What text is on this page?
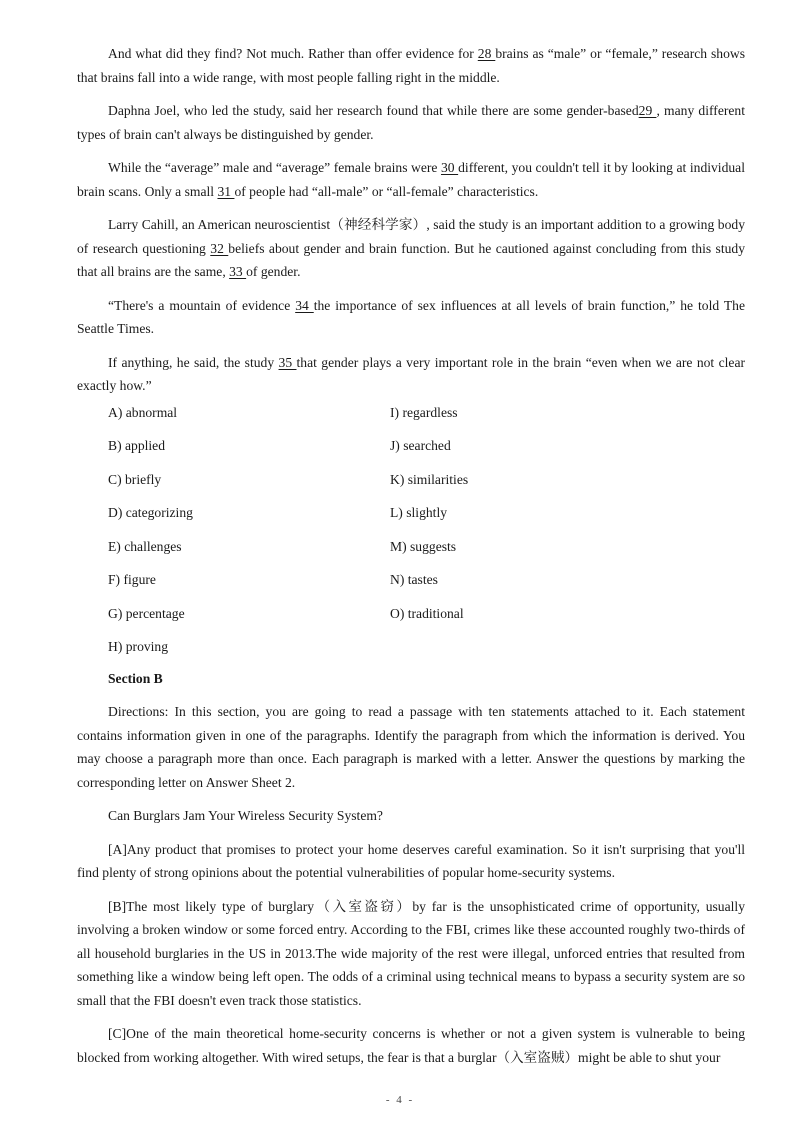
And what did they find? Not much. Rather than offer evidence for 28 brains as “male” or “female,” research shows that brains fall into a wide range, with most people falling right in the middle.

Daphna Joel, who led the study, said her research found that while there are some gender-based29 , many different types of brain can't always be distinguished by gender.

While the “average” male and “average” female brains were 30 different, you couldn't tell it by looking at individual brain scans. Only a small 31 of people had “all-male” or “all-female” characteristics.

Larry Cahill, an American neuroscientist（神经科学家）, said the study is an important addition to a growing body of research questioning 32 beliefs about gender and brain function. But he cautioned against concluding from this study that all brains are the same, 33 of gender.

“There's a mountain of evidence 34 the importance of sex influences at all levels of brain function,” he told The Seattle Times.

If anything, he said, the study 35 that gender plays a very important role in the brain “even when we are not clear exactly how.”

A) abnormal	I) regardless
B) applied	J) searched
C) briefly	K) similarities
D) categorizing	L) slightly
E) challenges	M) suggests
F) figure	N) tastes
G) percentage	O) traditional
H) proving
Section B

Directions: In this section, you are going to read a passage with ten statements attached to it. Each statement contains information given in one of the paragraphs. Identify the paragraph from which the information is derived. You may choose a paragraph more than once. Each paragraph is marked with a letter. Answer the questions by marking the corresponding letter on Answer Sheet 2.

Can Burglars Jam Your Wireless Security System?

[A]Any product that promises to protect your home deserves careful examination. So it isn't surprising that you'll find plenty of strong opinions about the potential vulnerabilities of popular home-security systems.

[B]The most likely type of burglary（入室盗窃）by far is the unsophisticated crime of opportunity, usually involving a broken window or some forced entry. According to the FBI, crimes like these accounted roughly two-thirds of all household burglaries in the US in 2013.The wide majority of the rest were illegal, unforced entries that resulted from something like a window being left open. The odds of a criminal using technical means to bypass a security system are so small that the FBI doesn't even track those statistics.

[C]One of the main theoretical home-security concerns is whether or not a given system is vulnerable to being blocked from working altogether. With wired setups, the fear is that a burglar（入室盗贼）might be able to shut your

- 4 -
